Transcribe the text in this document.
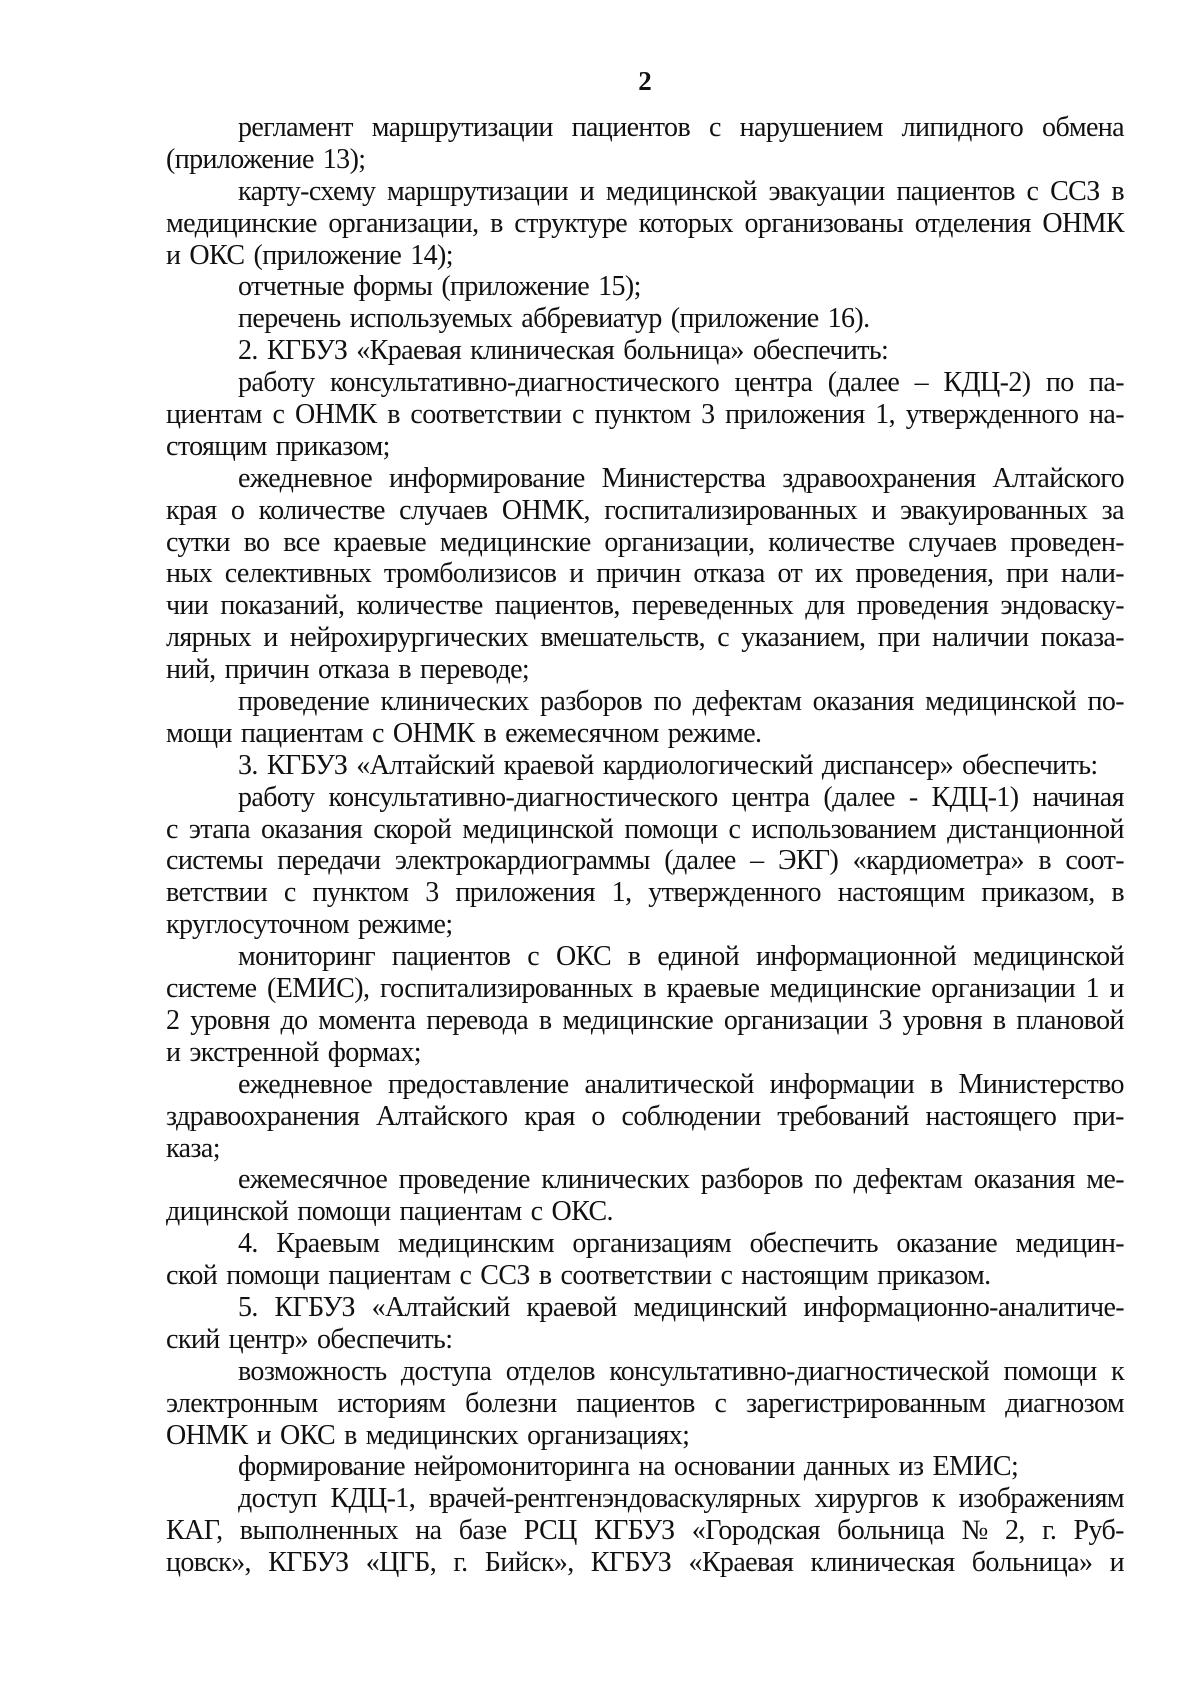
2
регламент маршрутизации пациентов с нарушением липидного обмена
(приложение 13);
карту-схему маршрутизации и медицинской эвакуации пациентов с ССЗ в
медицинские организации, в структуре которых организованы отделения ОНМК
и ОКС (приложение 14);
отчетные формы (приложение 15);
перечень используемых аббревиатур (приложение 16).
2. КГБУЗ «Краевая клиническая больница» обеспечить:
работу консультативно-диагностического центра (далее – КДЦ-2) по па-
циентам с ОНМК в соответствии с пунктом 3 приложения 1, утвержденного на-
стоящим приказом;
ежедневное информирование Министерства здравоохранения Алтайского
края о количестве случаев ОНМК, госпитализированных и эвакуированных за
сутки во все краевые медицинские организации, количестве случаев проведен-
ных селективных тромболизисов и причин отказа от их проведения, при нали-
чии показаний, количестве пациентов, переведенных для проведения эндоваску-
лярных и нейрохирургических вмешательств, с указанием, при наличии показа-
ний, причин отказа в переводе;
проведение клинических разборов по дефектам оказания медицинской по-
мощи пациентам с ОНМК в ежемесячном режиме.
3. КГБУЗ «Алтайский краевой кардиологический диспансер» обеспечить:
работу консультативно-диагностического центра (далее - КДЦ-1) начиная
с этапа оказания скорой медицинской помощи с использованием дистанционной
системы передачи электрокардиограммы (далее – ЭКГ) «кардиометра» в соот-
ветствии с пунктом 3 приложения 1, утвержденного настоящим приказом, в
круглосуточном режиме;
мониторинг пациентов с ОКС в единой информационной медицинской
системе (ЕМИС), госпитализированных в краевые медицинские организации 1 и
2 уровня до момента перевода в медицинские организации 3 уровня в плановой
и экстренной формах;
ежедневное предоставление аналитической информации в Министерство
здравоохранения Алтайского края о соблюдении требований настоящего при-
каза;
ежемесячное проведение клинических разборов по дефектам оказания ме-
дицинской помощи пациентам с ОКС.
4. Краевым медицинским организациям обеспечить оказание медицин-
ской помощи пациентам с ССЗ в соответствии с настоящим приказом.
5. КГБУЗ «Алтайский краевой медицинский информационно-аналитиче-
ский центр» обеспечить:
возможность доступа отделов консультативно-диагностической помощи к
электронным историям болезни пациентов с зарегистрированным диагнозом
ОНМК и ОКС в медицинских организациях;
формирование нейромониторинга на основании данных из ЕМИС;
доступ КДЦ-1, врачей-рентгенэндоваскулярных хирургов к изображениям
КАГ, выполненных на базе РСЦ КГБУЗ «Городская больница № 2, г. Руб-
цовск», КГБУЗ «ЦГБ, г. Бийск», КГБУЗ «Краевая клиническая больница» и
